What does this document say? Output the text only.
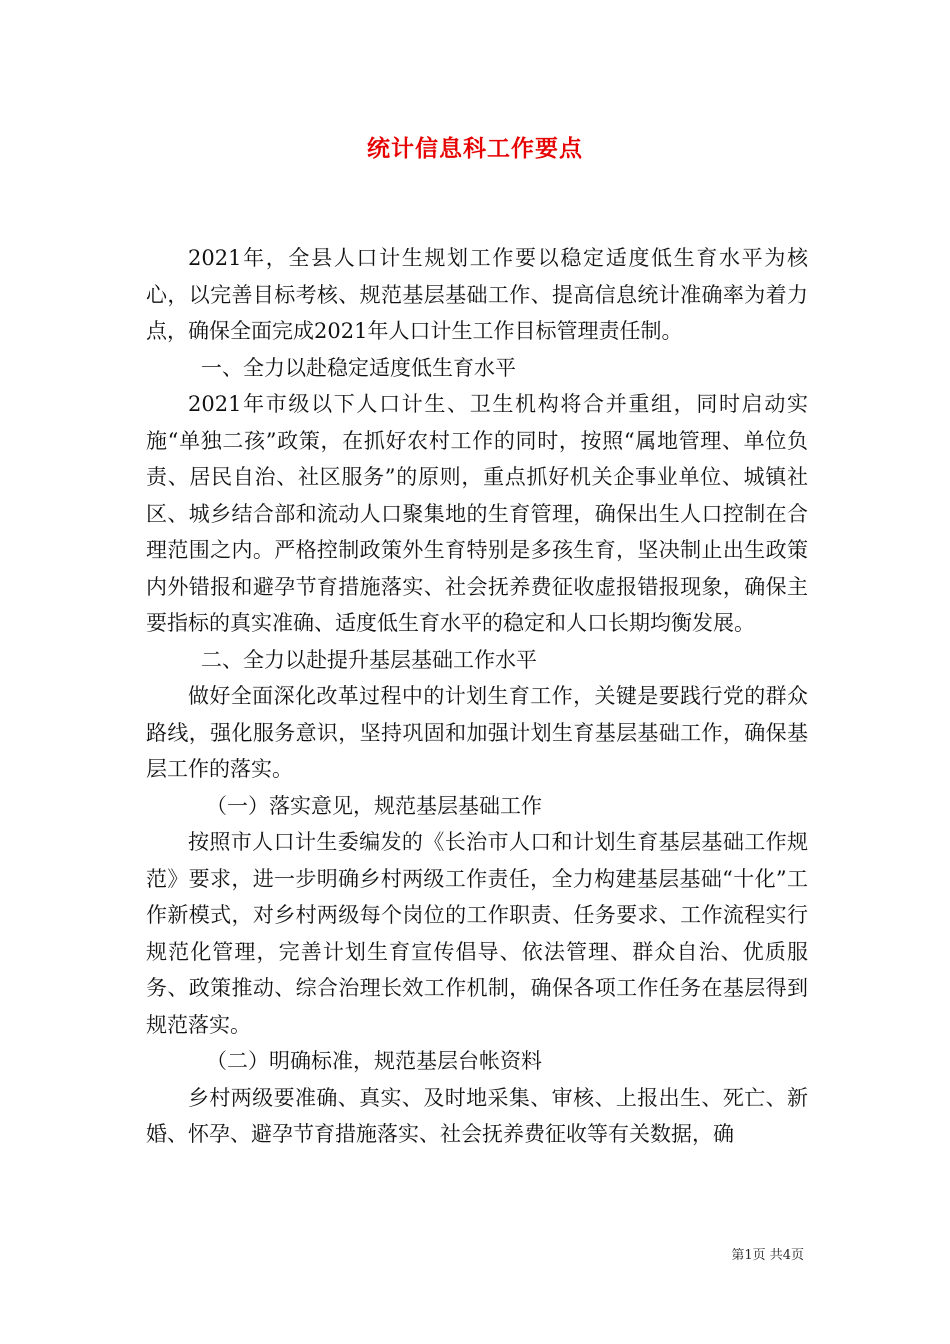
统计信息科工作要点

2021年，全县人口计生规划工作要以稳定适度低生育水平为核心，以完善目标考核、规范基层基础工作、提高信息统计准确率为着力点，确保全面完成2021年人口计生工作目标管理责任制。

一、全力以赴稳定适度低生育水平

2021年市级以下人口计生、卫生机构将合并重组，同时启动实施“单独二孩”政策，在抓好农村工作的同时，按照“属地管理、单位负责、居民自治、社区服务”的原则，重点抓好机关企事业单位、城镇社区、城乡结合部和流动人口聚集地的生育管理，确保出生人口控制在合理范围之内。严格控制政策外生育特别是多孩生育，坚决制止出生政策内外错报和避孕节育措施落实、社会抚养费征收虚报错报现象，确保主要指标的真实准确、适度低生育水平的稳定和人口长期均衡发展。

二、全力以赴提升基层基础工作水平

做好全面深化改革过程中的计划生育工作，关键是要践行党的群众路线，强化服务意识，坚持巩固和加强计划生育基层基础工作，确保基层工作的落实。

（一）落实意见，规范基层基础工作

按照市人口计生委编发的《长治市人口和计划生育基层基础工作规范》要求，进一步明确乡村两级工作责任，全力构建基层基础“十化”工作新模式，对乡村两级每个岗位的工作职责、任务要求、工作流程实行规范化管理，完善计划生育宣传倡导、依法管理、群众自治、优质服务、政策推动、综合治理长效工作机制，确保各项工作任务在基层得到规范落实。

（二）明确标准，规范基层台帐资料

乡村两级要准确、真实、及时地采集、审核、上报出生、死亡、新婚、怀孕、避孕节育措施落实、社会抚养费征收等有关数据，确

第1页 共4页
